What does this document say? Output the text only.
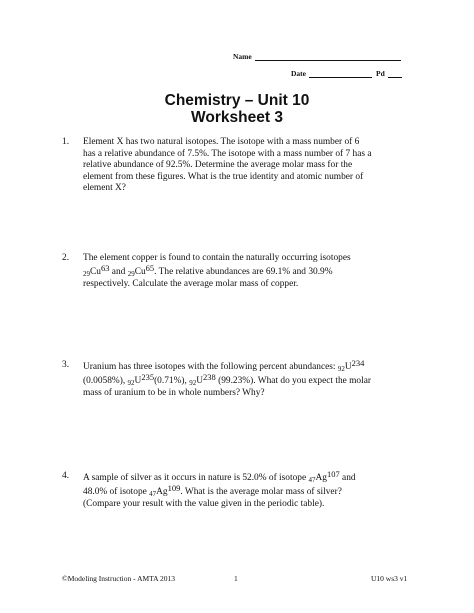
Name
Date	Pd
Chemistry – Unit 10
Worksheet 3
1. Element X has two natural isotopes. The isotope with a mass number of 6
has a relative abundance of 7.5%. The isotope with a mass number of 7 has a
relative abundance of 92.5%. Determine the average molar mass for the
element from these figures. What is the true identity and atomic number of
element X?
2. The element copper is found to contain the naturally occurring isotopes
$_{29}Cu^{63}$ and $_{29}Cu^{65}$. The relative abundances are 69.1% and 30.9%
respectively. Calculate the average molar mass of copper.
3. Uranium has three isotopes with the following percent abundances: $_{92}U^{234}$
(0.0058%), $_{92}U^{235}(0.71\%)$, $_{92}U^{238}$ (99.23%). What do you expect the molar
mass of uranium to be in whole numbers? Why?
4. A sample of silver as it occurs in nature is 52.0% of isotope $_{47}Ag^{107}$ and
48.0% of isotope $_{47}Ag^{109}$. What is the average molar mass of silver?
(Compare your result with the value given in the periodic table).
©Modeling Instruction - AMTA 2013	1	U10 ws3 v1
